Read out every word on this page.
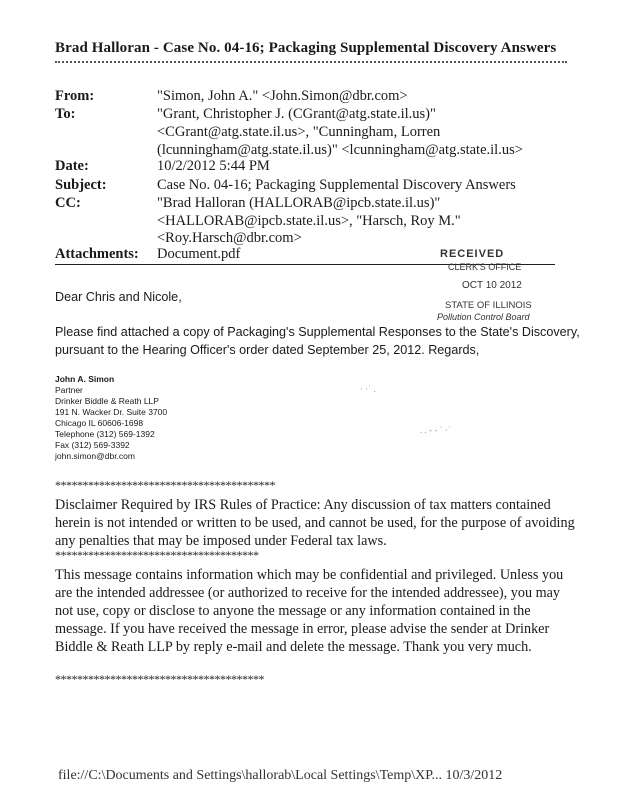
Brad Halloran - Case No. 04-16; Packaging Supplemental Discovery Answers
From:	"Simon, John A." <John.Simon@dbr.com>
To:	"Grant, Christopher J. (CGrant@atg.state.il.us)"
<CGrant@atg.state.il.us>, "Cunningham, Lorren
(lcunningham@atg.state.il.us)" <lcunningham@atg.state.il.us>
Date:	10/2/2012 5:44 PM
Subject:	Case No. 04-16; Packaging Supplemental Discovery Answers
CC:	"Brad Halloran (HALLORAB@ipcb.state.il.us)"
<HALLORAB@ipcb.state.il.us>, "Harsch, Roy M."
<Roy.Harsch@dbr.com>
Attachments: Document.pdf	RECEIVED
CLERK'S OFFICE
OCT 10 2012
STATE OF ILLINOIS
Pollution Control Board
Dear Chris and Nicole,
Please find attached a copy of Packaging's Supplemental Responses to the State's Discovery,
pursuant to the Hearing Officer's order dated September 25, 2012. Regards,
John A. Simon
Partner
Drinker Biddle & Reath LLP
191 N. Wacker Dr. Suite 3700
Chicago IL 60606-1698
Telephone (312) 569-1392
Fax (312) 569-3392
john.simon@dbr.com
· ·˙ .
. . - - ˙ ·˙
****************************************
Disclaimer Required by IRS Rules of Practice: Any discussion of tax matters contained herein is not intended or written to be used, and cannot be used, for the purpose of avoiding any penalties that may be imposed under Federal tax laws.
*************************************
This message contains information which may be confidential and privileged. Unless you are the intended addressee (or authorized to receive for the intended addressee), you may not use, copy or disclose to anyone the message or any information contained in the message. If you have received the message in error, please advise the sender at Drinker Biddle & Reath LLP by reply e-mail and delete the message. Thank you very much.
**************************************
file://C:\Documents and Settings\hallorab\Local Settings\Temp\XP... 10/3/2012
